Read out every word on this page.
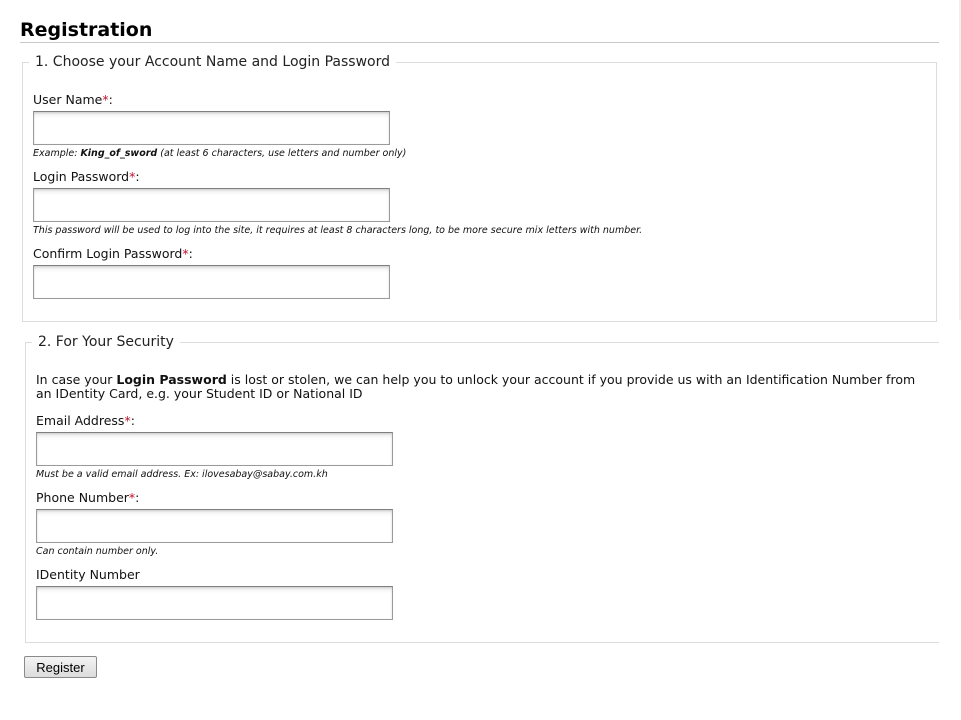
Registration
1. Choose your Account Name and Login Password
User Name*:
Example: King_of_sword (at least 6 characters, use letters and number only)
Login Password*:
This password will be used to log into the site, it requires at least 8 characters long, to be more secure mix letters with number.
Confirm Login Password*:
2. For Your Security
In case your Login Password is lost or stolen, we can help you to unlock your account if you provide us with an Identification Number from an IDentity Card, e.g. your Student ID or National ID
Email Address*:
Must be a valid email address. Ex: ilovesabay@sabay.com.kh
Phone Number*:
Can contain number only.
IDentity Number
Register
